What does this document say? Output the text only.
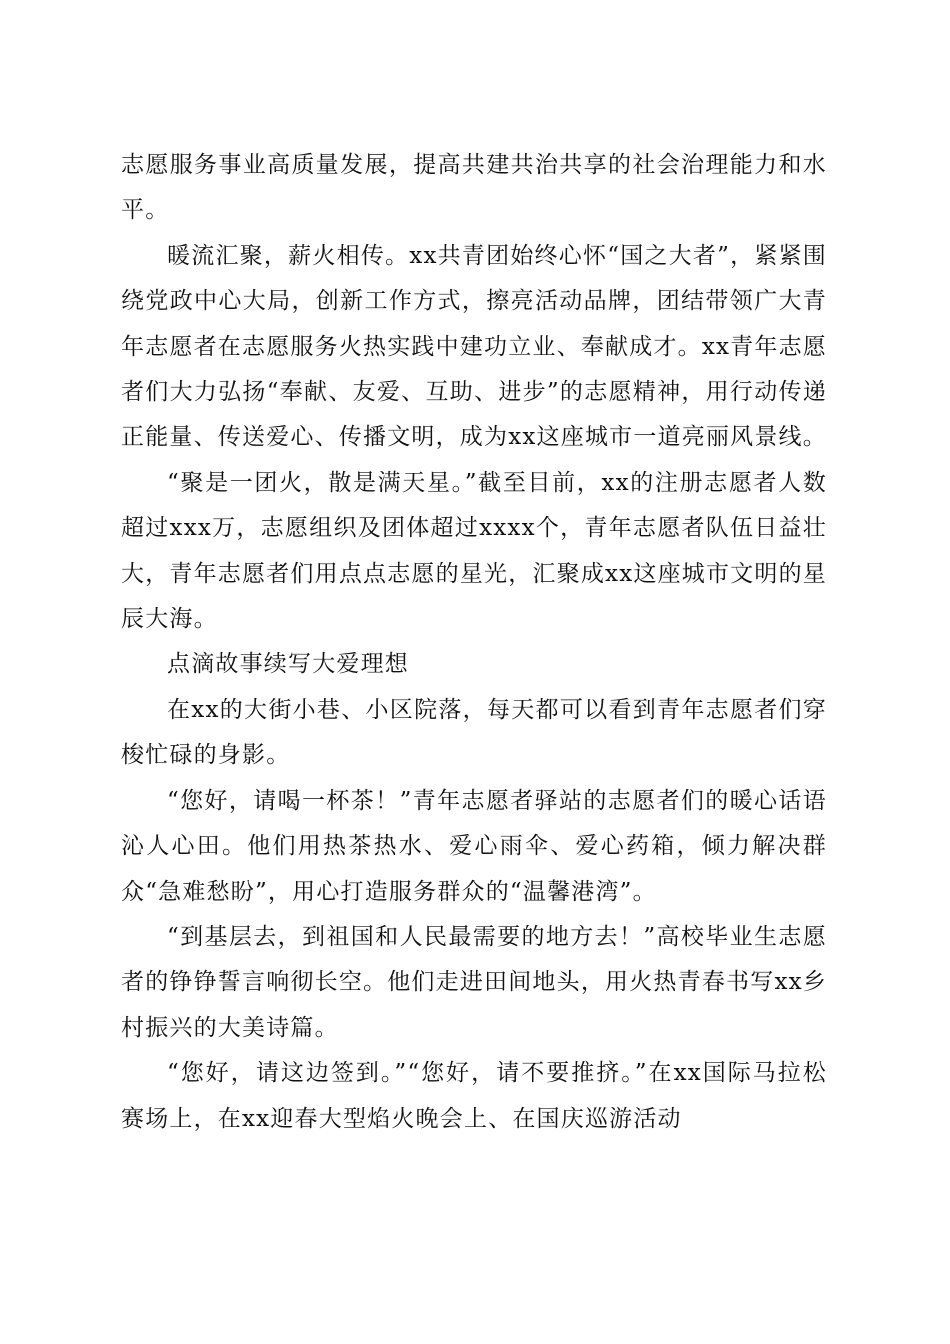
志愿服务事业高质量发展，提高共建共治共享的社会治理能力和水平。

暖流汇聚，薪火相传。xx共青团始终心怀“国之大者”，紧紧围绕党政中心大局，创新工作方式，擦亮活动品牌，团结带领广大青年志愿者在志愿服务火热实践中建功立业、奉献成才。xx青年志愿者们大力弘扬“奉献、友爱、互助、进步”的志愿精神，用行动传递正能量、传送爱心、传播文明，成为xx这座城市一道亮丽风景线。

“聚是一团火，散是满天星。”截至目前，xx的注册志愿者人数超过xxx万，志愿组织及团体超过xxxx个，青年志愿者队伍日益壮大，青年志愿者们用点点志愿的星光，汇聚成xx这座城市文明的星辰大海。

点滴故事续写大爱理想

在xx的大街小巷、小区院落，每天都可以看到青年志愿者们穿梭忙碌的身影。

“您好，请喝一杯茶！”青年志愿者驿站的志愿者们的暖心话语沁人心田。他们用热茶热水、爱心雨伞、爱心药箱，倾力解决群众“急难愁盼”，用心打造服务群众的“温馨港湾”。

“到基层去，到祖国和人民最需要的地方去！”高校毕业生志愿者的铮铮誓言响彻长空。他们走进田间地头，用火热青春书写xx乡村振兴的大美诗篇。

“您好，请这边签到。”“您好，请不要推挤。”在xx国际马拉松赛场上，在xx迎春大型焰火晚会上、在国庆巡游活动
